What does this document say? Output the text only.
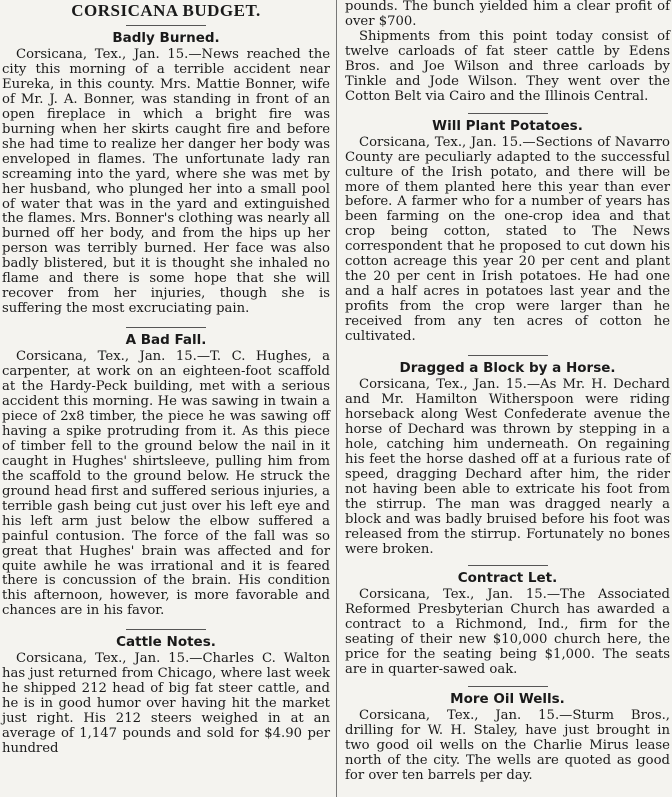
CORSICANA BUDGET.
Badly Burned.

Corsicana, Tex., Jan. 15.—News reached the city this morning of a terrible accident near Eureka, in this county. Mrs. Mattie Bonner, wife of Mr. J. A. Bonner, was standing in front of an open fireplace in which a bright fire was burning when her skirts caught fire and before she had time to realize her danger her body was enveloped in flames. The unfortunate lady ran screaming into the yard, where she was met by her husband, who plunged her into a small pool of water that was in the yard and extinguished the flames. Mrs. Bonner's clothing was nearly all burned off her body, and from the hips up her person was terribly burned. Her face was also badly blistered, but it is thought she inhaled no flame and there is some hope that she will recover from her injuries, though she is suffering the most excruciating pain.

A Bad Fall.

Corsicana, Tex., Jan. 15.—T. C. Hughes, a carpenter, at work on an eighteen-foot scaffold at the Hardy-Peck building, met with a serious accident this morning. He was sawing in twain a piece of 2x8 timber, the piece he was sawing off having a spike protruding from it. As this piece of timber fell to the ground below the nail in it caught in Hughes' shirtsleeve, pulling him from the scaffold to the ground below. He struck the ground head first and suffered serious injuries, a terrible gash being cut just over his left eye and his left arm just below the elbow suffered a painful contusion. The force of the fall was so great that Hughes' brain was affected and for quite awhile he was irrational and it is feared there is concussion of the brain. His condition this afternoon, however, is more favorable and chances are in his favor.

Cattle Notes.

Corsicana, Tex., Jan. 15.—Charles C. Walton has just returned from Chicago, where last week he shipped 212 head of big fat steer cattle, and he is in good humor over having hit the market just right. His 212 steers weighed in at an average of 1,147 pounds and sold for $4.90 per hundred

pounds. The bunch yielded him a clear profit of over $700.

Shipments from this point today consist of twelve carloads of fat steer cattle by Edens Bros. and Joe Wilson and three carloads by Tinkle and Jode Wilson. They went over the Cotton Belt via Cairo and the Illinois Central.

Will Plant Potatoes.

Corsicana, Tex., Jan. 15.—Sections of Navarro County are peculiarly adapted to the successful culture of the Irish potato, and there will be more of them planted here this year than ever before. A farmer who for a number of years has been farming on the one-crop idea and that crop being cotton, stated to The News correspondent that he proposed to cut down his cotton acreage this year 20 per cent and plant the 20 per cent in Irish potatoes. He had one and a half acres in potatoes last year and the profits from the crop were larger than he received from any ten acres of cotton he cultivated.

Dragged a Block by a Horse.

Corsicana, Tex., Jan. 15.—As Mr. H. Dechard and Mr. Hamilton Witherspoon were riding horseback along West Confederate avenue the horse of Dechard was thrown by stepping in a hole, catching him underneath. On regaining his feet the horse dashed off at a furious rate of speed, dragging Dechard after him, the rider not having been able to extricate his foot from the stirrup. The man was dragged nearly a block and was badly bruised before his foot was released from the stirrup. Fortunately no bones were broken.

Contract Let.

Corsicana, Tex., Jan. 15.—The Associated Reformed Presbyterian Church has awarded a contract to a Richmond, Ind., firm for the seating of their new $10,000 church here, the price for the seating being $1,000. The seats are in quarter-sawed oak.

More Oil Wells.

Corsicana, Tex., Jan. 15.—Sturm Bros., drilling for W. H. Staley, have just brought in two good oil wells on the Charlie Mirus lease north of the city. The wells are quoted as good for over ten barrels per day.
